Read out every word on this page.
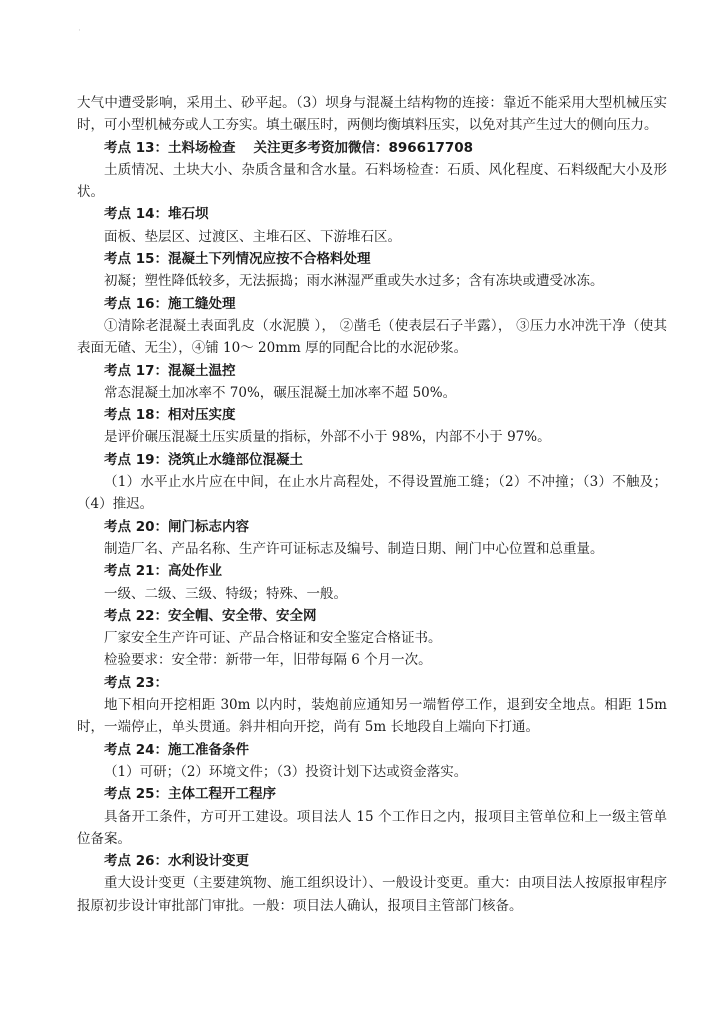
·

大气中遭受影响，采用土、砂平起。（3）坝身与混凝土结构物的连接：靠近不能采用大型机械压实时，可小型机械夯或人工夯实。填土碾压时，两侧均衡填料压实，以免对其产生过大的侧向压力。

考点 13：土料场检查 关注更多考资加微信：896617708

土质情况、土块大小、杂质含量和含水量。石料场检查：石质、风化程度、石料级配大小及形状。

考点 14：堆石坝

面板、垫层区、过渡区、主堆石区、下游堆石区。

考点 15：混凝土下列情况应按不合格料处理

初凝；塑性降低较多，无法振捣；雨水淋湿严重或失水过多；含有冻块或遭受冰冻。

考点 16：施工缝处理

①清除老混凝土表面乳皮（水泥膜 ）， ②凿毛（使表层石子半露）， ③压力水冲洗干净（使其表面无碴、无尘），④铺 10～ 20mm 厚的同配合比的水泥砂浆。

考点 17：混凝土温控

常态混凝土加冰率不 70%，碾压混凝土加冰率不超 50%。

考点 18：相对压实度

是评价碾压混凝土压实质量的指标，外部不小于 98%，内部不小于 97%。

考点 19：浇筑止水缝部位混凝土

（1）水平止水片应在中间，在止水片高程处，不得设置施工缝；（2）不冲撞；（3）不触及；（4）推迟。

考点 20：闸门标志内容

制造厂名、产品名称、生产许可证标志及编号、制造日期、闸门中心位置和总重量。

考点 21：高处作业

一级、二级、三级、特级；特殊、一般。

考点 22：安全帽、安全带、安全网

厂家安全生产许可证、产品合格证和安全鉴定合格证书。

检验要求：安全带：新带一年，旧带每隔 6 个月一次。

考点 23：

地下相向开挖相距 30m 以内时，装炮前应通知另一端暂停工作，退到安全地点。相距 15m 时，一端停止，单头贯通。斜井相向开挖，尚有 5m 长地段自上端向下打通。

考点 24：施工准备条件

（1）可研；（2）环境文件；（3）投资计划下达或资金落实。

考点 25：主体工程开工程序

具备开工条件，方可开工建设。项目法人 15 个工作日之内，报项目主管单位和上一级主管单位备案。

考点 26：水利设计变更

重大设计变更（主要建筑物、施工组织设计）、一般设计变更。重大：由项目法人按原报审程序报原初步设计审批部门审批。一般：项目法人确认，报项目主管部门核备。
